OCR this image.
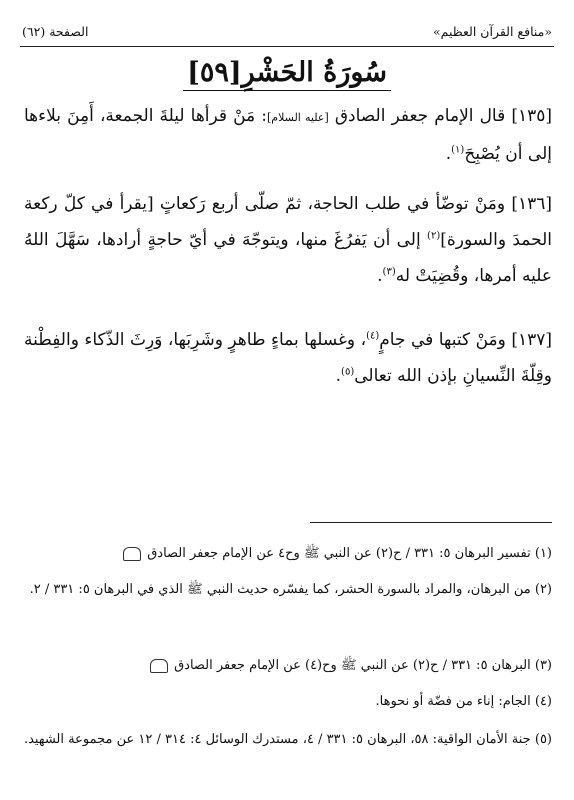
«منافع القرآن العظيم»
الصفحة (٦٢)
سُورَةُ الحَشْرِ[٥٩]
[١٣٥] قال الإمام جعفر الصادق [عليه السلام]: مَنْ قرأها ليلةَ الجمعة، أَمِنَ بلاءها إلى أن يُصْبِحَ$^{(١)}$.
[١٣٦] ومَنْ توضّأ في طلب الحاجة، ثمّ صلّى أربع رَكعاتٍ [يقرأ في كلّ ركعة الحمدَ والسورة]$^{(٢)}$ إلى أن يَفرُغَ منها، ويتوجّهَ في أيّ حاجةٍ أرادها، سَهَّلَ اللهُ عليه أمرها، وقُضِيَتْ له$^{(٣)}$.
[١٣٧] ومَنْ كتبها في جامٍ$^{(٤)}$، وغسلها بماءٍ طاهرٍ وشَرِبَها، وَرِثَ الذّكاء والفِطْنة وقِلّةَ النِّسيانِ بإذن الله تعالى$^{(٥)}$.
(١) تفسير البرهان ٥: ٣٣١ / ح(٢) عن النبي ﷺ وح٤ عن الإمام جعفر الصادق
(٢) من البرهان، والمراد بالسورة الحشر، كما يفسّره حديث النبي ﷺ الذي في البرهان ٥: ٣٣١ / ٢.
(٣) البرهان ٥: ٣٣١ / ح(٢) عن النبي ﷺ وح(٤) عن الإمام جعفر الصادق
(٤) الجام: إناء من فضّة أو نحوها.
(٥) جنة الأمان الواقية: ٥٨، البرهان ٥: ٣٣١ / ٤، مستدرك الوسائل ٤: ٣١٤ / ١٢ عن مجموعة الشهيد.
